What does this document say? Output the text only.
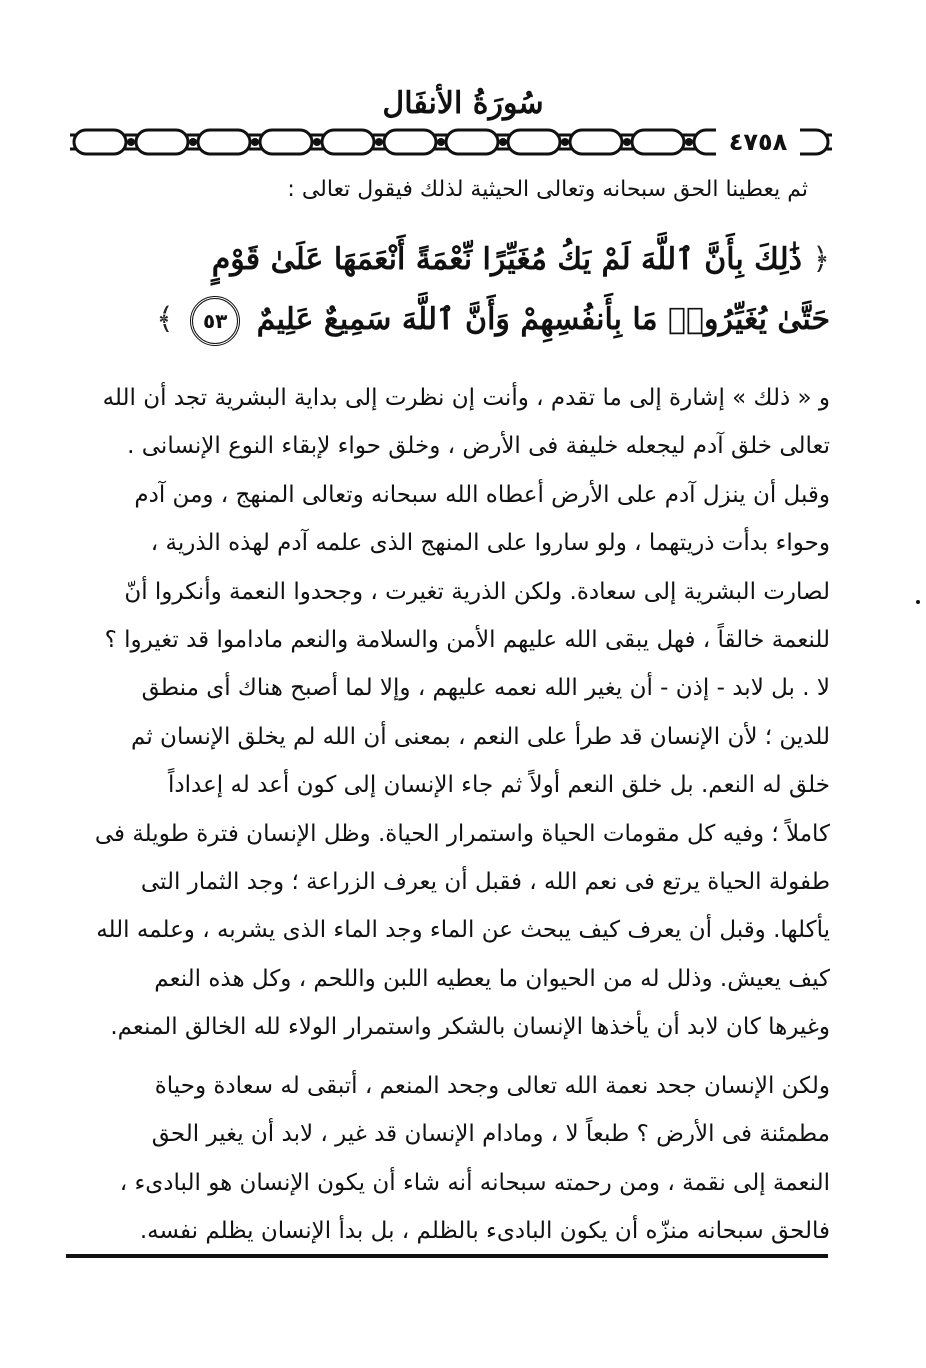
سُورَةُ الأنفَال
٤٧٥٨
ثم يعطينا الحق سبحانه وتعالى الحيثية لذلك فيقول تعالى :
﴿ ذَٰلِكَ بِأَنَّ ٱللَّهَ لَمْ يَكُ مُغَيِّرًا نِّعْمَةً أَنْعَمَهَا عَلَىٰ قَوْمٍ
حَتَّىٰ يُغَيِّرُوا۟ مَا بِأَنفُسِهِمْ وَأَنَّ ٱللَّهَ سَمِيعٌ عَلِيمٌ ٥٣ ﴾

و « ذلك » إشارة إلى ما تقدم ، وأنت إن نظرت إلى بداية البشرية تجد أن الله

تعالى خلق آدم ليجعله خليفة فى الأرض ، وخلق حواء لإبقاء النوع الإنسانى .

وقبل أن ينزل آدم على الأرض أعطاه الله سبحانه وتعالى المنهج ، ومن آدم

وحواء بدأت ذريتهما ، ولو ساروا على المنهج الذى علمه آدم لهذه الذرية ،

لصارت البشرية إلى سعادة. ولكن الذرية تغيرت ، وجحدوا النعمة وأنكروا أنّ

للنعمة خالقاً ، فهل يبقى الله عليهم الأمن والسلامة والنعم ماداموا قد تغيروا ؟

لا . بل لابد - إذن - أن يغير الله نعمه عليهم ، وإلا لما أصبح هناك أى منطق

للدين ؛ لأن الإنسان قد طرأ على النعم ، بمعنى أن الله لم يخلق الإنسان ثم

خلق له النعم. بل خلق النعم أولاً ثم جاء الإنسان إلى كون أعد له إعداداً

كاملاً ؛ وفيه كل مقومات الحياة واستمرار الحياة. وظل الإنسان فترة طويلة فى

طفولة الحياة يرتع فى نعم الله ، فقبل أن يعرف الزراعة ؛ وجد الثمار التى

يأكلها. وقبل أن يعرف كيف يبحث عن الماء وجد الماء الذى يشربه ، وعلمه الله

كيف يعيش. وذلل له من الحيوان ما يعطيه اللبن واللحم ، وكل هذه النعم

وغيرها كان لابد أن يأخذها الإنسان بالشكر واستمرار الولاء لله الخالق المنعم.

ولكن الإنسان جحد نعمة الله تعالى وجحد المنعم ، أتبقى له سعادة وحياة

مطمئنة فى الأرض ؟ طبعاً لا ، ومادام الإنسان قد غير ، لابد أن يغير الحق

النعمة إلى نقمة ، ومن رحمته سبحانه أنه شاء أن يكون الإنسان هو البادىء ،

فالحق سبحانه منزّه أن يكون البادىء بالظلم ، بل بدأ الإنسان يظلم نفسه.
